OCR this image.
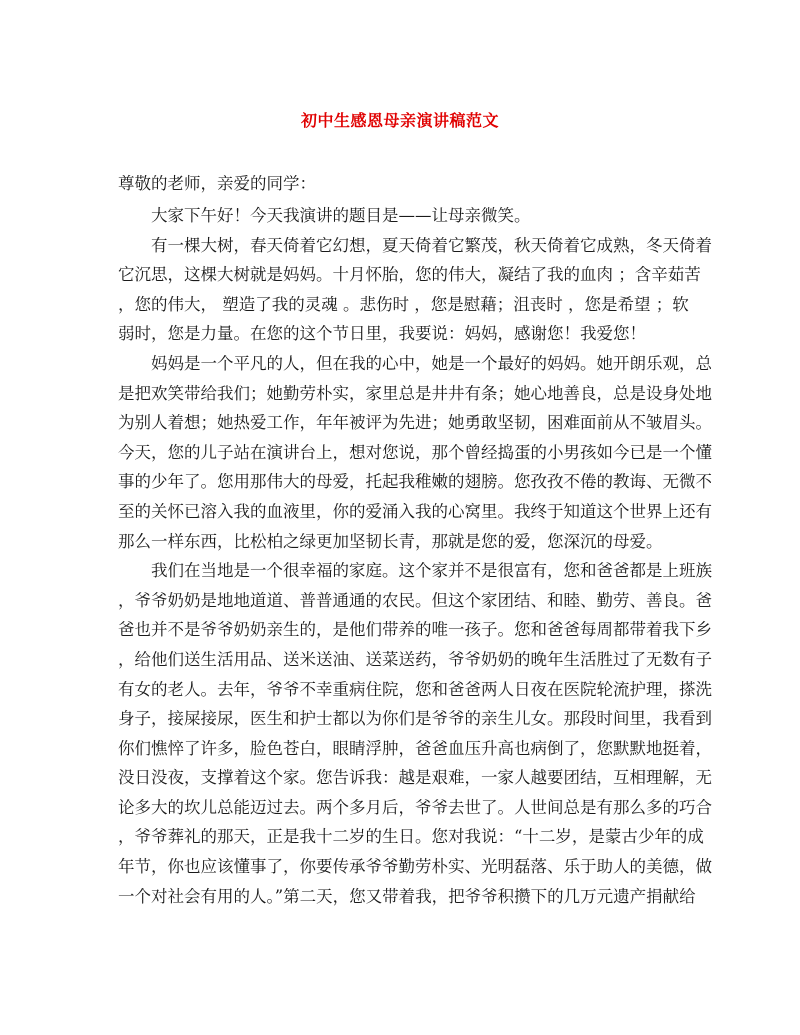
初中生感恩母亲演讲稿范文
尊敬的老师，亲爱的同学：
大家下午好！今天我演讲的题目是——让母亲微笑。
有一棵大树，春天倚着它幻想，夏天倚着它繁茂，秋天倚着它成熟，冬天倚着
它沉思，这棵大树就是妈妈。十月怀胎，您的伟大，凝结了我的血肉 ；含辛茹苦
，您的伟大， 塑造了我的灵魂 。悲伤时 ，您是慰藉；沮丧时 ，您是希望 ；软
弱时，您是力量。在您的这个节日里，我要说：妈妈，感谢您！我爱您！
妈妈是一个平凡的人，但在我的心中，她是一个最好的妈妈。她开朗乐观，总
是把欢笑带给我们；她勤劳朴实，家里总是井井有条；她心地善良，总是设身处地
为别人着想；她热爱工作，年年被评为先进；她勇敢坚韧，困难面前从不皱眉头。
今天，您的儿子站在演讲台上，想对您说，那个曾经捣蛋的小男孩如今已是一个懂
事的少年了。您用那伟大的母爱，托起我稚嫩的翅膀。您孜孜不倦的教诲、无微不
至的关怀已溶入我的血液里，你的爱涌入我的心窝里。我终于知道这个世界上还有
那么一样东西，比松柏之绿更加坚韧长青，那就是您的爱，您深沉的母爱。
我们在当地是一个很幸福的家庭。这个家并不是很富有，您和爸爸都是上班族
，爷爷奶奶是地地道道、普普通通的农民。但这个家团结、和睦、勤劳、善良。爸
爸也并不是爷爷奶奶亲生的，是他们带养的唯一孩子。您和爸爸每周都带着我下乡
，给他们送生活用品、送米送油、送菜送药，爷爷奶奶的晚年生活胜过了无数有子
有女的老人。去年，爷爷不幸重病住院，您和爸爸两人日夜在医院轮流护理，搽洗
身子，接屎接尿，医生和护士都以为你们是爷爷的亲生儿女。那段时间里，我看到
你们憔悴了许多，脸色苍白，眼睛浮肿，爸爸血压升高也病倒了，您默默地挺着，
没日没夜，支撑着这个家。您告诉我：越是艰难，一家人越要团结，互相理解，无
论多大的坎儿总能迈过去。两个多月后，爷爷去世了。人世间总是有那么多的巧合
，爷爷葬礼的那天，正是我十二岁的生日。您对我说：“十二岁，是蒙古少年的成
年节，你也应该懂事了，你要传承爷爷勤劳朴实、光明磊落、乐于助人的美德，做
一个对社会有用的人。”第二天，您又带着我，把爷爷积攒下的几万元遗产捐献给
